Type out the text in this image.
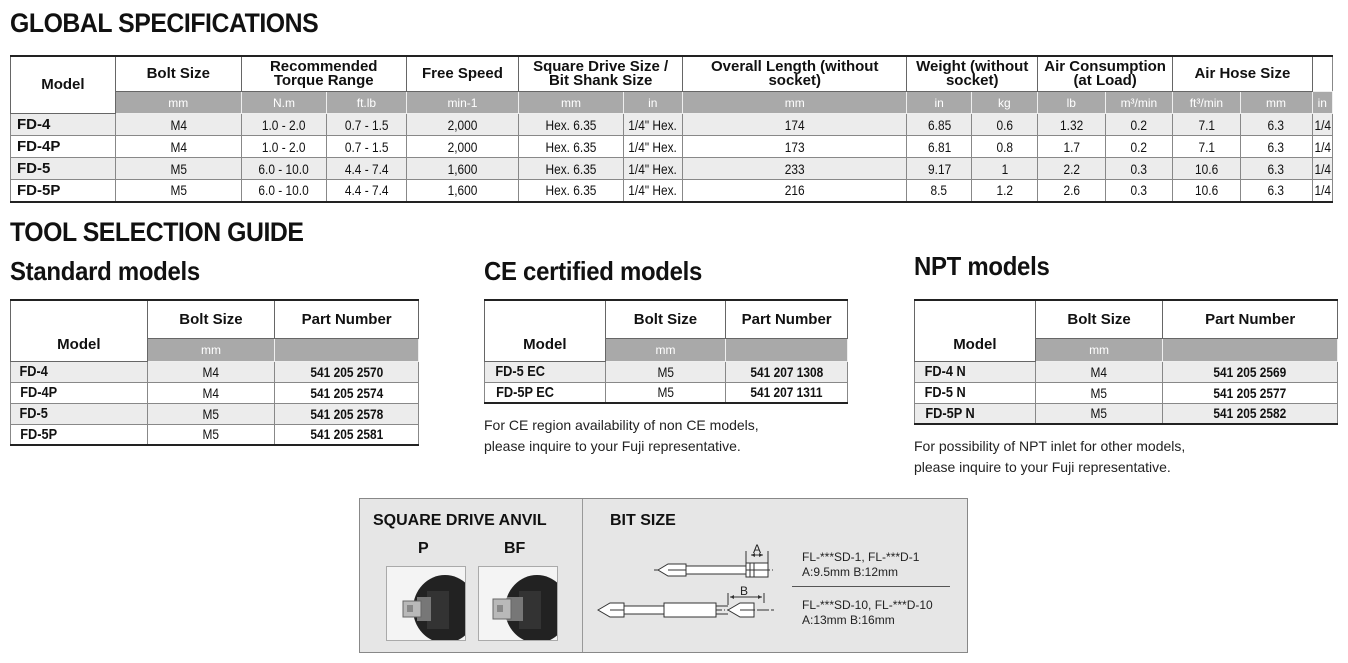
GLOBAL SPECIFICATIONS
Model	Bolt Size	Recommended Torque Range		Free Speed	Square Drive Size / Bit Shank Size		Overall Length (without socket)	Weight (without socket)		Air Consumption (at Load)		Air Hose Size		
	mm	N.m	ft.lb	min-1	mm	in	mm	in	kg	lb	m³/min	ft³/min	mm	in
FD-4	M4	1.0 - 2.0	0.7 - 1.5	2,000	Hex. 6.35	1/4" Hex.	174	6.85	0.6	1.32	0.2	7.1	6.3	1/4
FD-4P	M4	1.0 - 2.0	0.7 - 1.5	2,000	Hex. 6.35	1/4" Hex.	173	6.81	0.8	1.7	0.2	7.1	6.3	1/4
FD-5	M5	6.0 - 10.0	4.4 - 7.4	1,600	Hex. 6.35	1/4" Hex.	233	9.17	1	2.2	0.3	10.6	6.3	1/4
FD-5P	M5	6.0 - 10.0	4.4 - 7.4	1,600	Hex. 6.35	1/4" Hex.	216	8.5	1.2	2.6	0.3	10.6	6.3	1/4
TOOL SELECTION GUIDE
Standard models	CE certified models	NPT models
Model	Bolt Size	Part Number
	mm	
FD-4	M4	541 205 2570
FD-4P	M4	541 205 2574
FD-5	M5	541 205 2578
FD-5P	M5	541 205 2581
Model	Bolt Size	Part Number
	mm	
FD-5 EC	M5	541 207 1308
FD-5P EC	M5	541 207 1311
Model	Bolt Size	Part Number
	mm	
FD-4 N	M4	541 205 2569
FD-5 N	M5	541 205 2577
FD-5P N	M5	541 205 2582
For CE region availability of non CE models,
please inquire to your Fuji representative.	For possibility of NPT inlet for other models,
please inquire to your Fuji representative.
SQUARE DRIVE ANVIL
P	BF
BIT SIZE
A
B
FL-***SD-1, FL-***D-1
A:9.5mm B:12mm
FL-***SD-10, FL-***D-10
A:13mm B:16mm
